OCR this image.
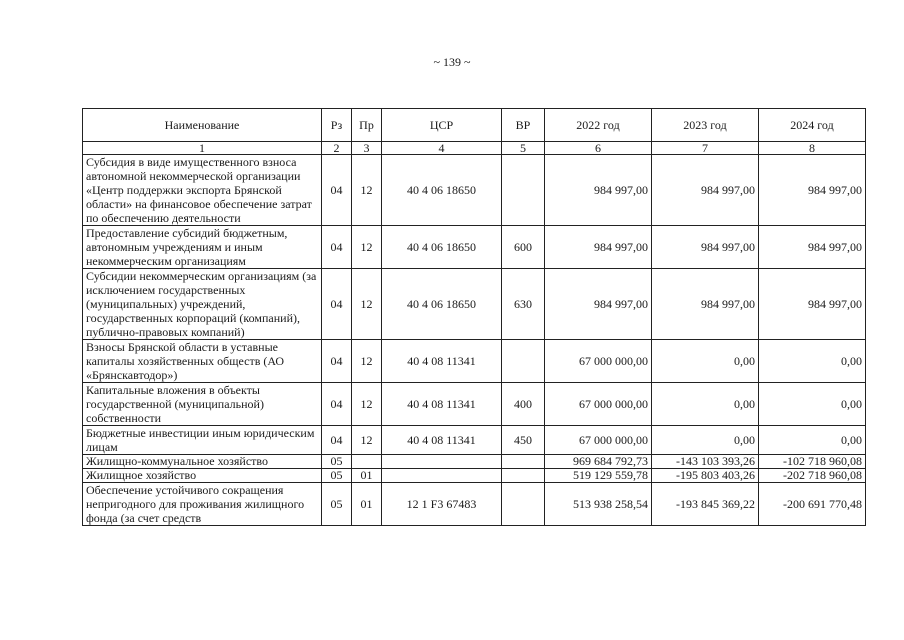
~ 139 ~
Наименование	Рз	Пр	ЦСР	ВР	2022 год	2023 год	2024 год
1	2	3	4	5	6	7	8
Субсидия в виде имущественного взноса автономной некоммерческой организации «Центр поддержки экспорта Брянской области» на финансовое обеспечение затрат по обеспечению деятельности	04	12	40 4 06 18650		984 997,00	984 997,00	984 997,00
Предоставление субсидий бюджетным, автономным учреждениям и иным некоммерческим организациям	04	12	40 4 06 18650	600	984 997,00	984 997,00	984 997,00
Субсидии некоммерческим организациям (за исключением государственных (муниципальных) учреждений, государственных корпораций (компаний), публично-правовых компаний)	04	12	40 4 06 18650	630	984 997,00	984 997,00	984 997,00
Взносы Брянской области в уставные капиталы хозяйственных обществ (АО «Брянскавтодор»)	04	12	40 4 08 11341		67 000 000,00	0,00	0,00
Капитальные вложения в объекты государственной (муниципальной) собственности	04	12	40 4 08 11341	400	67 000 000,00	0,00	0,00
Бюджетные инвестиции иным юридическим лицам	04	12	40 4 08 11341	450	67 000 000,00	0,00	0,00
Жилищно-коммунальное хозяйство	05				969 684 792,73	-143 103 393,26	-102 718 960,08
Жилищное хозяйство	05	01			519 129 559,78	-195 803 403,26	-202 718 960,08
Обеспечение устойчивого сокращения непригодного для проживания жилищного фонда (за счет средств	05	01	12 1 F3 67483		513 938 258,54	-193 845 369,22	-200 691 770,48
